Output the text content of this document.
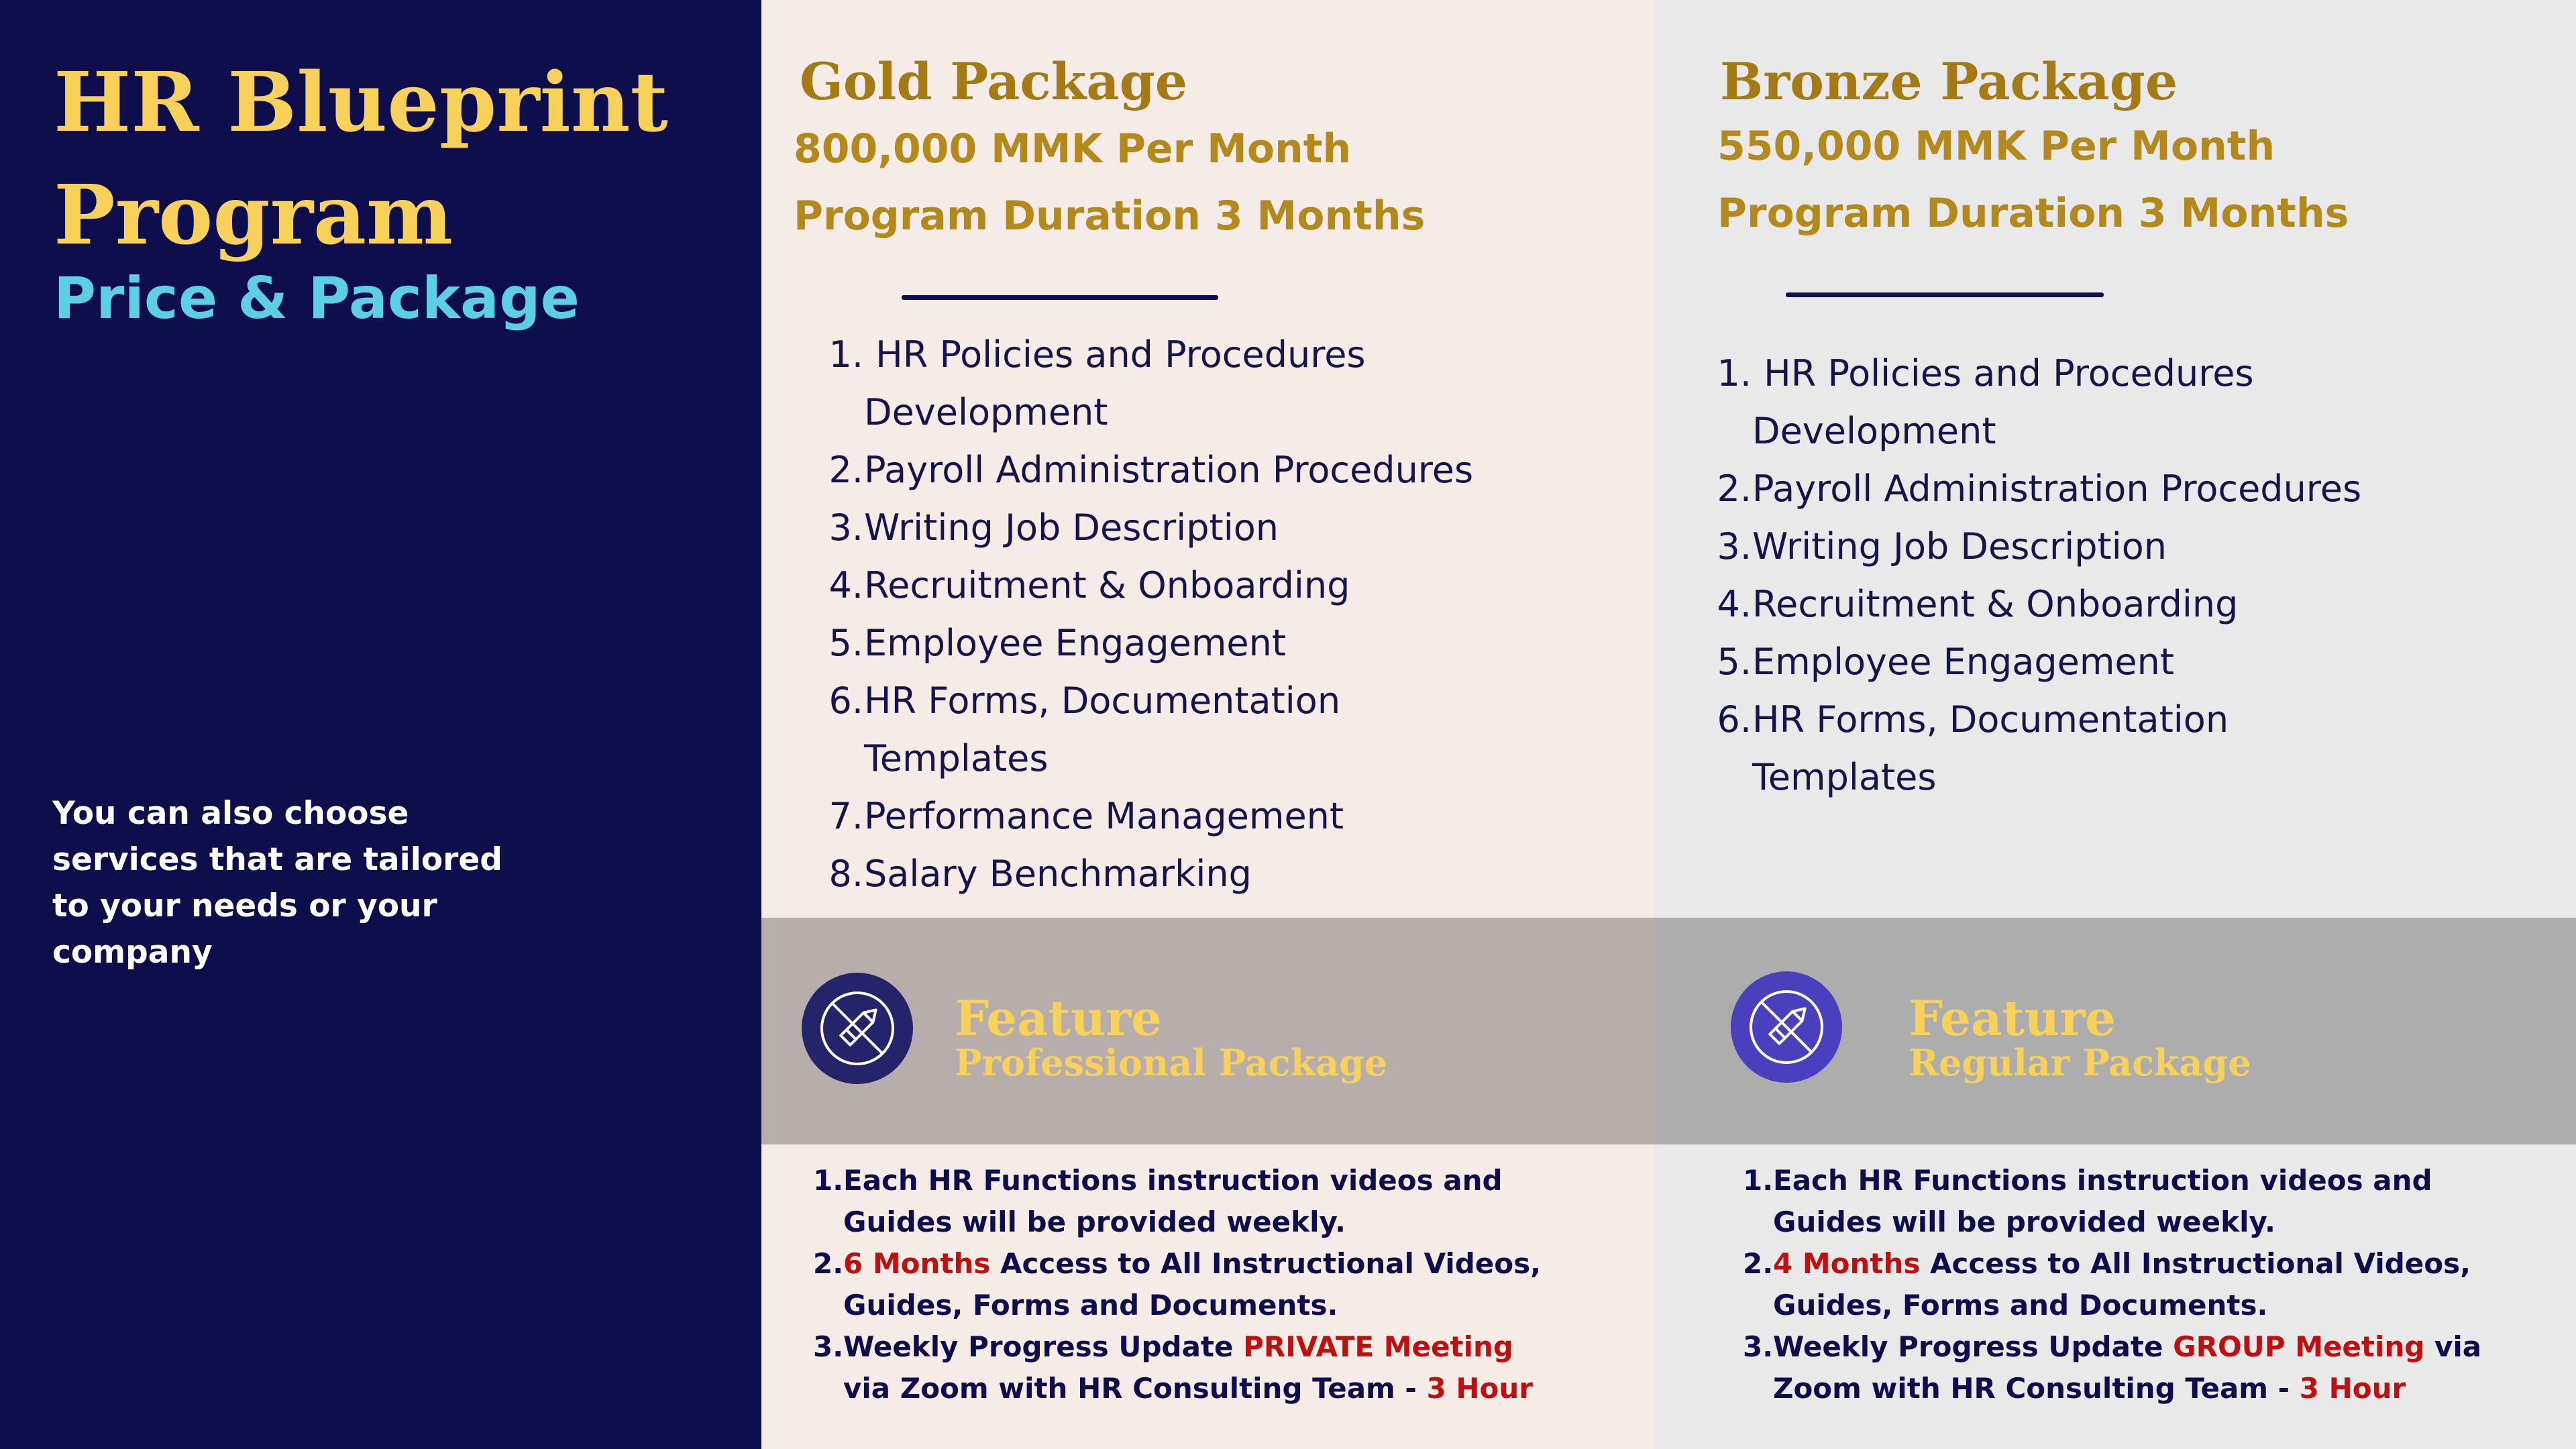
HR Blueprint Program
Price & Package

You can also choose services that are tailored to your needs or your company

Gold Package

800,000 MMK Per Month

Program Duration 3 Months

1. HR Policies and Procedures
Development
2. Payroll Administration Procedures
3. Writing Job Description
4. Recruitment & Onboarding
5. Employee Engagement
6. HR Forms, Documentation
Templates
7. Performance Management
8. Salary Benchmarking

Feature

Professional Package

1. Each HR Functions instruction videos and
Guides will be provided weekly.
2. 6 Months Access to All Instructional Videos,
Guides, Forms and Documents.
3. Weekly Progress Update PRIVATE Meeting
via Zoom with HR Consulting Team - 3 Hour
Bronze Package

550,000 MMK Per Month

Program Duration 3 Months

1. HR Policies and Procedures
Development
2. Payroll Administration Procedures
3. Writing Job Description
4. Recruitment & Onboarding
5. Employee Engagement
6. HR Forms, Documentation
Templates

Feature

Regular Package

1. Each HR Functions instruction videos and
Guides will be provided weekly.
2. 4 Months Access to All Instructional Videos,
Guides, Forms and Documents.
3. Weekly Progress Update GROUP Meeting via
Zoom with HR Consulting Team - 3 Hour
